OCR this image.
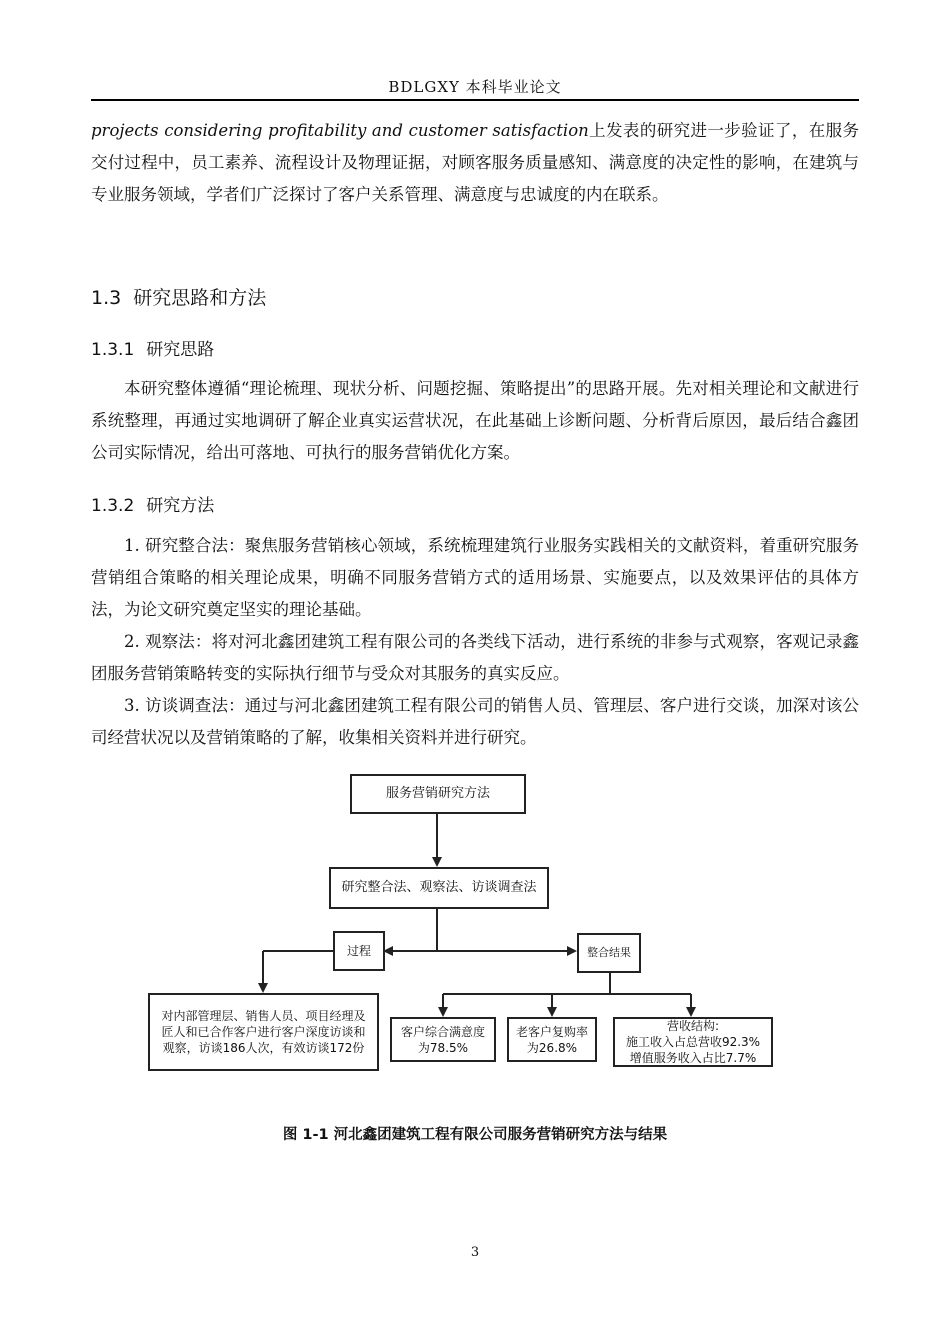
BDLGXY 本科毕业论文

projects considering profitability and customer satisfaction上发表的研究进一步验证了，在服务交付过程中，员工素养、流程设计及物理证据，对顾客服务质量感知、满意度的决定性的影响，在建筑与专业服务领域，学者们广泛探讨了客户关系管理、满意度与忠诚度的内在联系。

1.3 研究思路和方法
1.3.1 研究思路

本研究整体遵循“理论梳理、现状分析、问题挖掘、策略提出”的思路开展。先对相关理论和文献进行系统整理，再通过实地调研了解企业真实运营状况，在此基础上诊断问题、分析背后原因，最后结合鑫团公司实际情况，给出可落地、可执行的服务营销优化方案。

1.3.2 研究方法

1. 研究整合法：聚焦服务营销核心领域，系统梳理建筑行业服务实践相关的文献资料，着重研究服务营销组合策略的相关理论成果，明确不同服务营销方式的适用场景、实施要点，以及效果评估的具体方法，为论文研究奠定坚实的理论基础。

2. 观察法：将对河北鑫团建筑工程有限公司的各类线下活动，进行系统的非参与式观察，客观记录鑫团服务营销策略转变的实际执行细节与受众对其服务的真实反应。

3. 访谈调查法：通过与河北鑫团建筑工程有限公司的销售人员、管理层、客户进行交谈，加深对该公司经营状况以及营销策略的了解，收集相关资料并进行研究。

服务营销研究方法
研究整合法、观察法、访谈调查法
过程	整合结果
对内部管理层、销售人员、项目经理及
匠人和已合作客户进行客户深度访谈和
观察，访谈186人次，有效访谈172份
客户综合满意度
为78.5%
老客户复购率
为26.8%
营收结构:
施工收入占总营收92.3%
增值服务收入占比7.7%
图 1-1 河北鑫团建筑工程有限公司服务营销研究方法与结果
3
